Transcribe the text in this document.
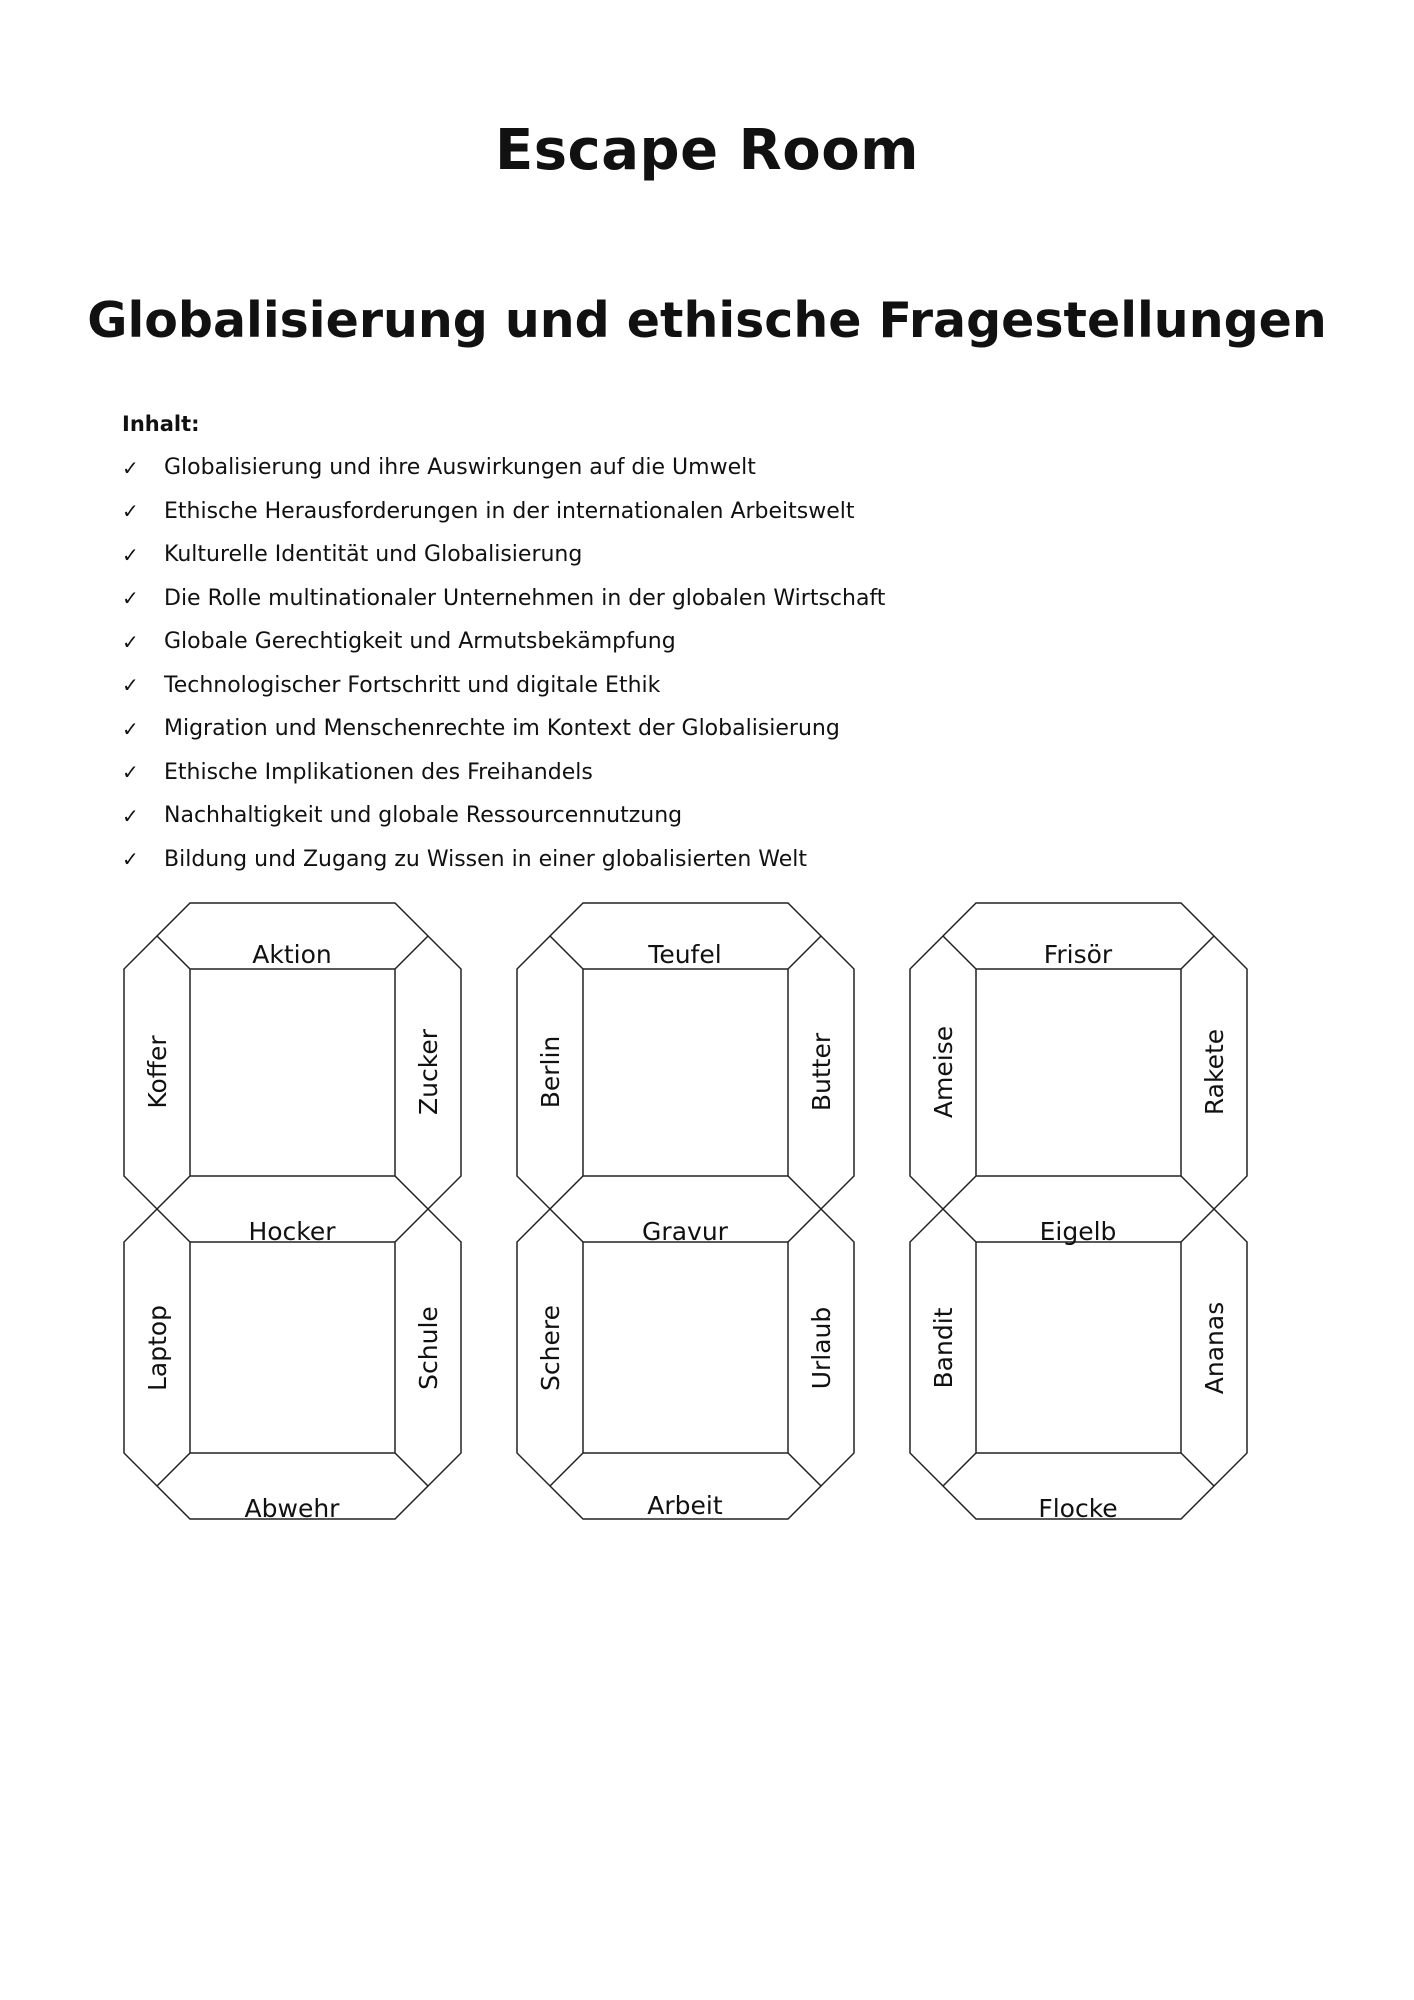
Escape Room
Globalisierung und ethische Fragestellungen
Inhalt:
✓	Globalisierung und ihre Auswirkungen auf die Umwelt
✓	Ethische Herausforderungen in der internationalen Arbeitswelt
✓	Kulturelle Identität und Globalisierung
✓	Die Rolle multinationaler Unternehmen in der globalen Wirtschaft
✓	Globale Gerechtigkeit und Armutsbekämpfung
✓	Technologischer Fortschritt und digitale Ethik
✓	Migration und Menschenrechte im Kontext der Globalisierung
✓	Ethische Implikationen des Freihandels
✓	Nachhaltigkeit und globale Ressourcennutzung
✓	Bildung und Zugang zu Wissen in einer globalisierten Welt
Aktion
Koffer	Zucker
Hocker
Laptop	Schule
Abwehr
Teufel
Berlin	Butter
Gravur
Schere	Urlaub
Arbeit
Frisör
Ameise	Rakete
Eigelb
Bandit	Ananas
Flocke
